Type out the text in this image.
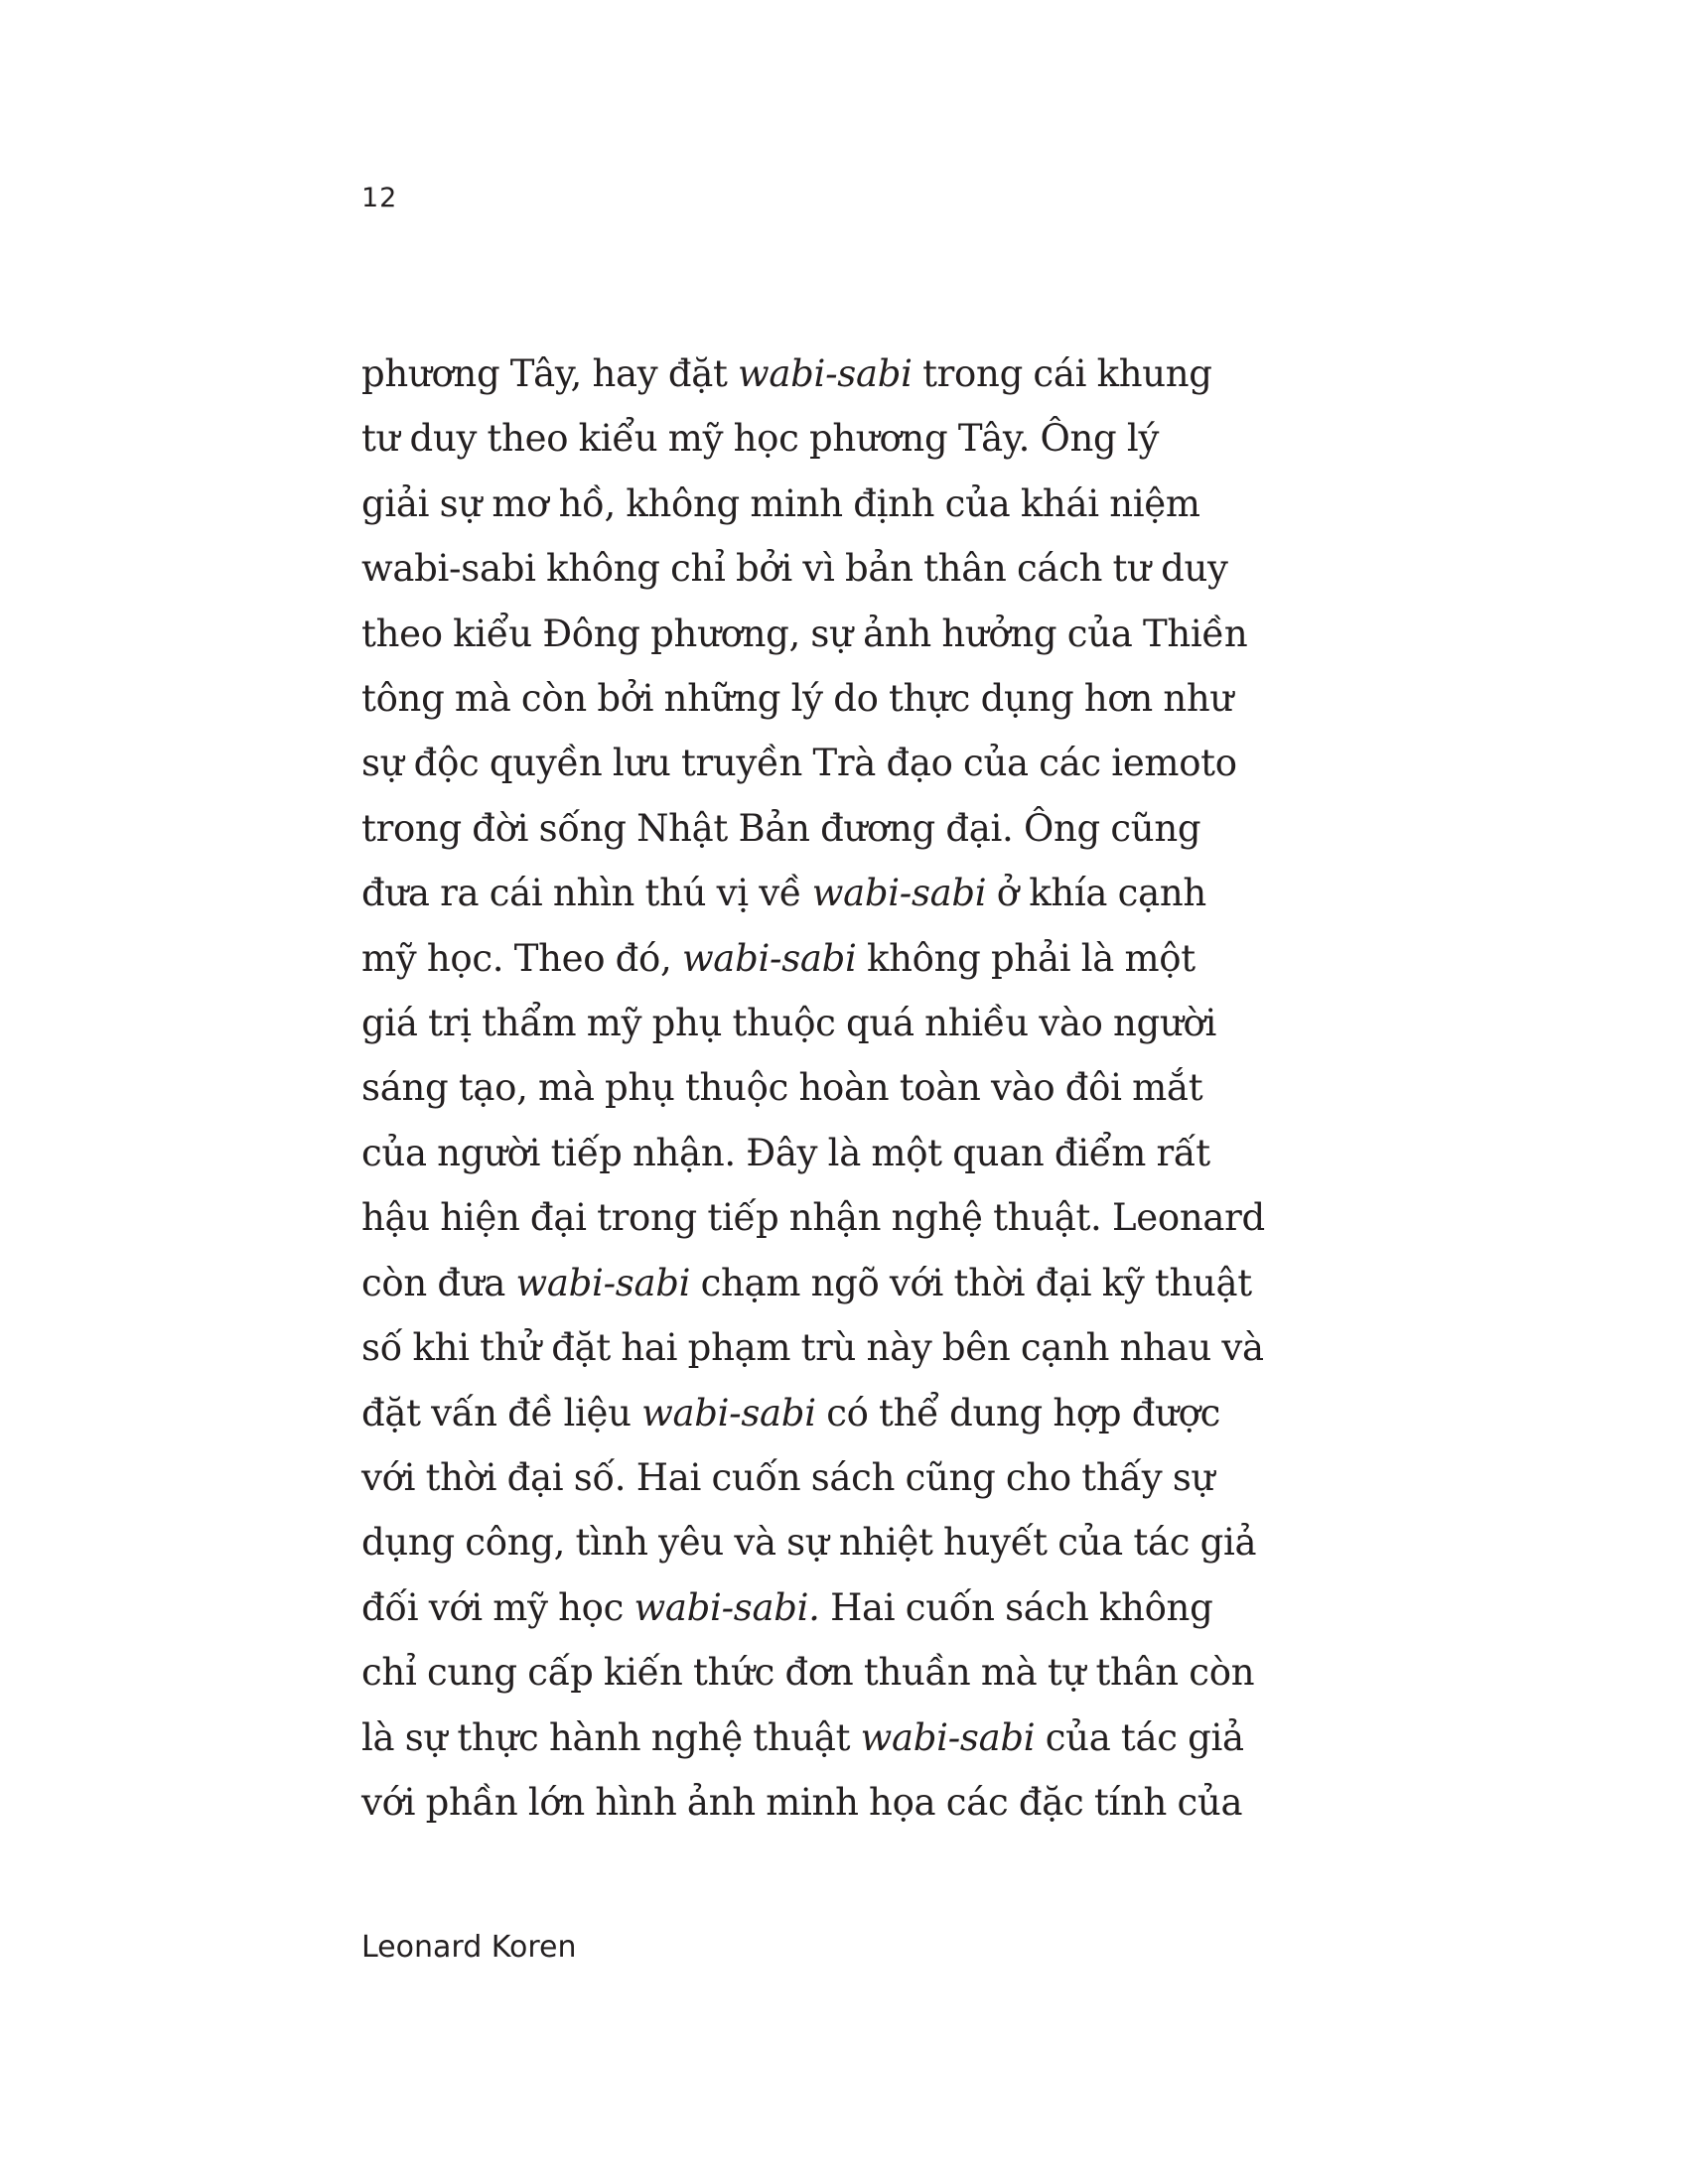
12
phương Tây, hay đặt wabi-sabi trong cái khung
tư duy theo kiểu mỹ học phương Tây. Ông lý
giải sự mơ hồ, không minh định của khái niệm
wabi-sabi không chỉ bởi vì bản thân cách tư duy
theo kiểu Đông phương, sự ảnh hưởng của Thiền
tông mà còn bởi những lý do thực dụng hơn như
sự độc quyền lưu truyền Trà đạo của các iemoto
trong đời sống Nhật Bản đương đại. Ông cũng
đưa ra cái nhìn thú vị về wabi-sabi ở khía cạnh
mỹ học. Theo đó, wabi-sabi không phải là một
giá trị thẩm mỹ phụ thuộc quá nhiều vào người
sáng tạo, mà phụ thuộc hoàn toàn vào đôi mắt
của người tiếp nhận. Đây là một quan điểm rất
hậu hiện đại trong tiếp nhận nghệ thuật. Leonard
còn đưa wabi-sabi chạm ngõ với thời đại kỹ thuật
số khi thử đặt hai phạm trù này bên cạnh nhau và
đặt vấn đề liệu wabi-sabi có thể dung hợp được
với thời đại số. Hai cuốn sách cũng cho thấy sự
dụng công, tình yêu và sự nhiệt huyết của tác giả
đối với mỹ học wabi-sabi. Hai cuốn sách không
chỉ cung cấp kiến thức đơn thuần mà tự thân còn
là sự thực hành nghệ thuật wabi-sabi của tác giả
với phần lớn hình ảnh minh họa các đặc tính của
Leonard Koren
